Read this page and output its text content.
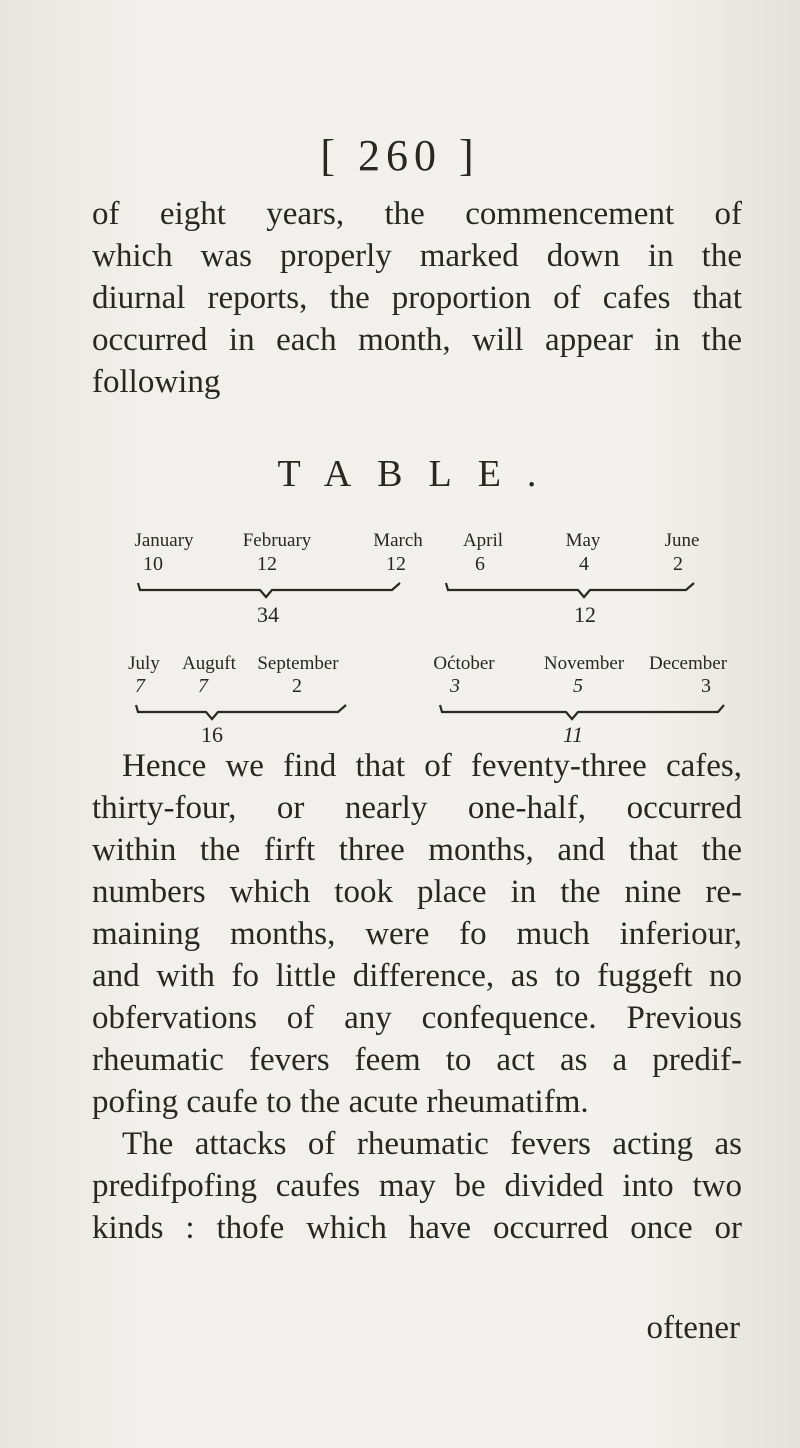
[ 260 ]

of eight years, the commencement of

which was properly marked down in the

diurnal reports, the proportion of cafes that

occurred in each month, will appear in the

following

TABLE.
January	February	March April	May	June
10	12	12	6	4	2
34	12
July Auguft September	Oćtober	November December
7	7	2	3	5	3
16	11

Hence we find that of feventy-three cafes,

thirty-four, or nearly one-half, occurred

within the firft three months, and that the

numbers which took place in the nine re-

maining months, were fo much inferiour,

and with fo little difference, as to fuggeft no

obfervations of any confequence. Previous

rheumatic fevers feem to act as a predif-

pofing caufe to the acute rheumatifm.

The attacks of rheumatic fevers acting as

predifpofing caufes may be divided into two

kinds : thofe which have occurred once or

oftener
